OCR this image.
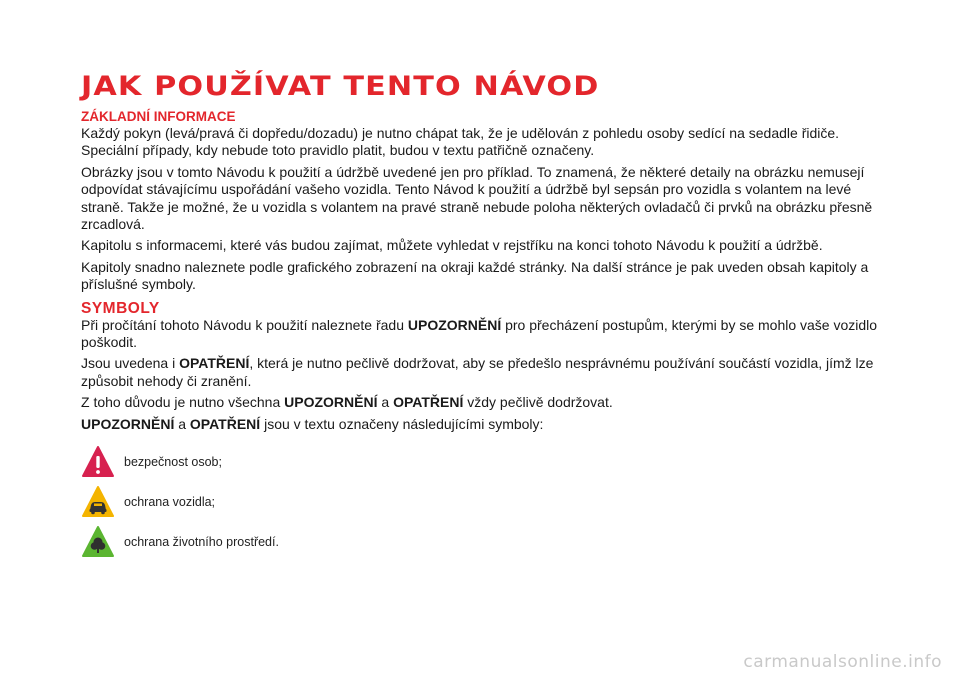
JAK POUŽÍVAT TENTO NÁVOD
ZÁKLADNÍ INFORMACE

Každý pokyn (levá/pravá či dopředu/dozadu) je nutno chápat tak, že je udělován z pohledu osoby sedící na sedadle řidiče. Speciální případy, kdy nebude toto pravidlo platit, budou v textu patřičně označeny.

Obrázky jsou v tomto Návodu k použití a údržbě uvedené jen pro příklad. To znamená, že některé detaily na obrázku nemusejí odpovídat stávajícímu uspořádání vašeho vozidla. Tento Návod k použití a údržbě byl sepsán pro vozidla s volantem na levé straně. Takže je možné, že u vozidla s volantem na pravé straně nebude poloha některých ovladačů či prvků na obrázku přesně zrcadlová.

Kapitolu s informacemi, které vás budou zajímat, můžete vyhledat v rejstříku na konci tohoto Návodu k použití a údržbě.

Kapitoly snadno naleznete podle grafického zobrazení na okraji každé stránky. Na další stránce je pak uveden obsah kapitoly a příslušné symboly.

SYMBOLY

Při pročítání tohoto Návodu k použití naleznete řadu UPOZORNĚNÍ pro přecházení postupům, kterými by se mohlo vaše vozidlo poškodit.

Jsou uvedena i OPATŘENÍ, která je nutno pečlivě dodržovat, aby se předešlo nesprávnému používání součástí vozidla, jímž lze způsobit nehody či zranění.

Z toho důvodu je nutno všechna UPOZORNĚNÍ a OPATŘENÍ vždy pečlivě dodržovat.

UPOZORNĚNÍ a OPATŘENÍ jsou v textu označeny následujícími symboly:

bezpečnost osob;
ochrana vozidla;
ochrana životního prostředí.
carmanualsonline.info
